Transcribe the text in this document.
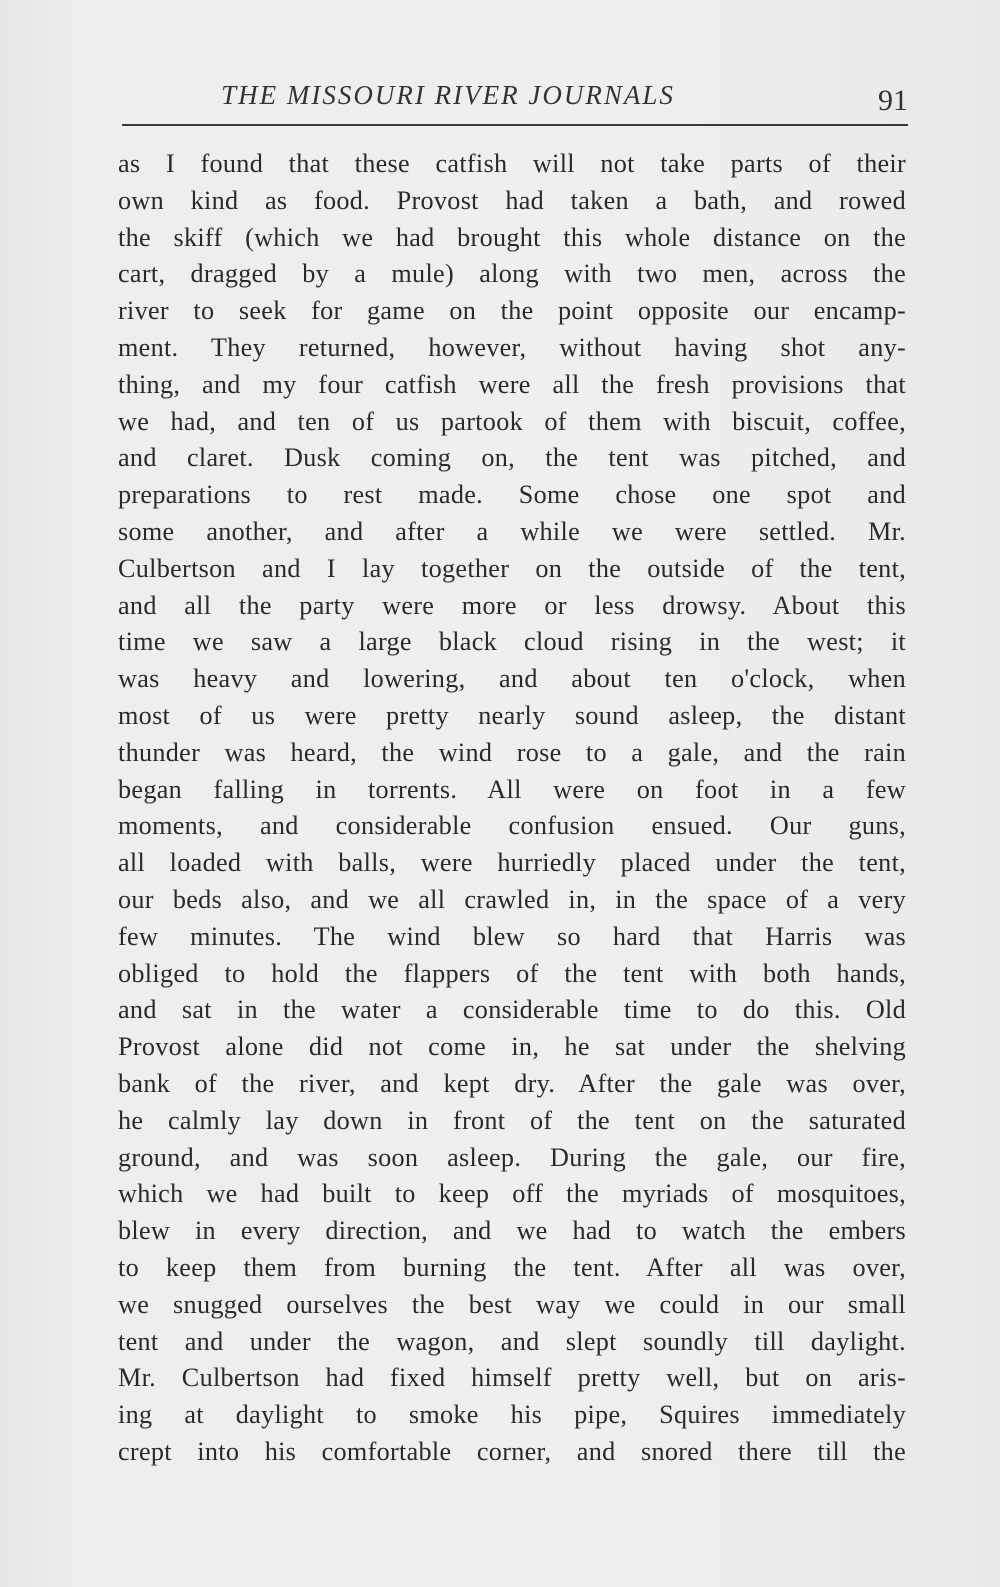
THE MISSOURI RIVER JOURNALS	91
as I found that these catfish will not take parts of their
own kind as food. Provost had taken a bath, and rowed
the skiff (which we had brought this whole distance on the
cart, dragged by a mule) along with two men, across the
river to seek for game on the point opposite our encamp-
ment. They returned, however, without having shot any-
thing, and my four catfish were all the fresh provisions that
we had, and ten of us partook of them with biscuit, coffee,
and claret. Dusk coming on, the tent was pitched, and
preparations to rest made. Some chose one spot and
some another, and after a while we were settled. Mr.
Culbertson and I lay together on the outside of the tent,
and all the party were more or less drowsy. About this
time we saw a large black cloud rising in the west; it
was heavy and lowering, and about ten o'clock, when
most of us were pretty nearly sound asleep, the distant
thunder was heard, the wind rose to a gale, and the rain
began falling in torrents. All were on foot in a few
moments, and considerable confusion ensued. Our guns,
all loaded with balls, were hurriedly placed under the tent,
our beds also, and we all crawled in, in the space of a very
few minutes. The wind blew so hard that Harris was
obliged to hold the flappers of the tent with both hands,
and sat in the water a considerable time to do this. Old
Provost alone did not come in, he sat under the shelving
bank of the river, and kept dry. After the gale was over,
he calmly lay down in front of the tent on the saturated
ground, and was soon asleep. During the gale, our fire,
which we had built to keep off the myriads of mosquitoes,
blew in every direction, and we had to watch the embers
to keep them from burning the tent. After all was over,
we snugged ourselves the best way we could in our small
tent and under the wagon, and slept soundly till daylight.
Mr. Culbertson had fixed himself pretty well, but on aris-
ing at daylight to smoke his pipe, Squires immediately
crept into his comfortable corner, and snored there till the
